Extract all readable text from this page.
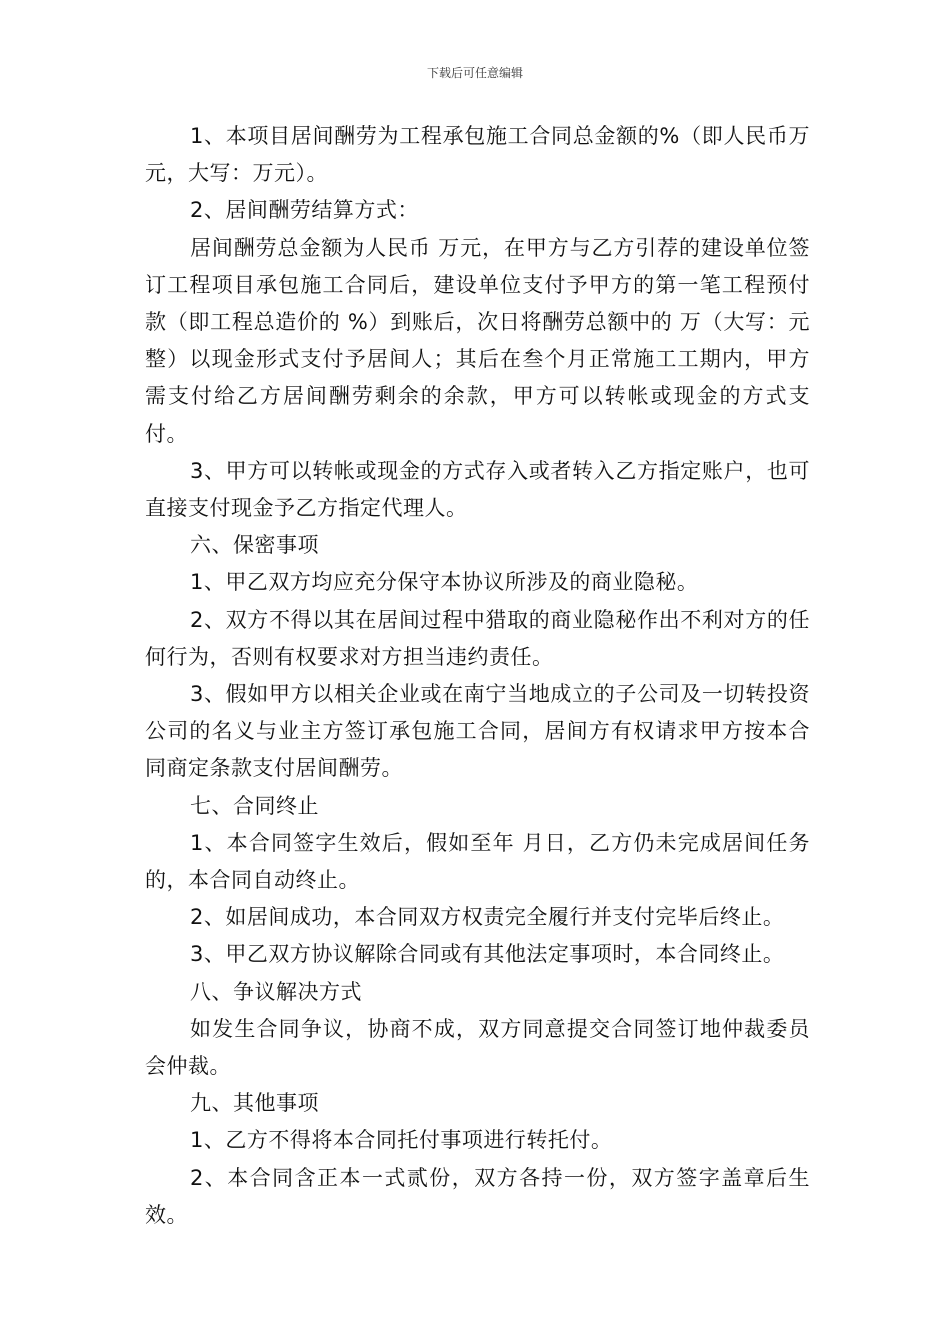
下载后可任意编辑

1、本项目居间酬劳为工程承包施工合同总金额的%（即人民币万元，大写：万元）。

2、居间酬劳结算方式：

居间酬劳总金额为人民币 万元，在甲方与乙方引荐的建设单位签订工程项目承包施工合同后，建设单位支付予甲方的第一笔工程预付款（即工程总造价的 %）到账后，次日将酬劳总额中的 万（大写：元整）以现金形式支付予居间人；其后在叁个月正常施工工期内，甲方需支付给乙方居间酬劳剩余的余款，甲方可以转帐或现金的方式支付。

3、甲方可以转帐或现金的方式存入或者转入乙方指定账户，也可直接支付现金予乙方指定代理人。

六、保密事项

1、甲乙双方均应充分保守本协议所涉及的商业隐秘。

2、双方不得以其在居间过程中猎取的商业隐秘作出不利对方的任何行为，否则有权要求对方担当违约责任。

3、假如甲方以相关企业或在南宁当地成立的子公司及一切转投资公司的名义与业主方签订承包施工合同，居间方有权请求甲方按本合同商定条款支付居间酬劳。

七、合同终止

1、本合同签字生效后，假如至年 月日，乙方仍未完成居间任务的，本合同自动终止。

2、如居间成功，本合同双方权责完全履行并支付完毕后终止。

3、甲乙双方协议解除合同或有其他法定事项时，本合同终止。

八、争议解决方式

如发生合同争议，协商不成，双方同意提交合同签订地仲裁委员会仲裁。

九、其他事项

1、乙方不得将本合同托付事项进行转托付。

2、本合同含正本一式贰份，双方各持一份，双方签字盖章后生效。
